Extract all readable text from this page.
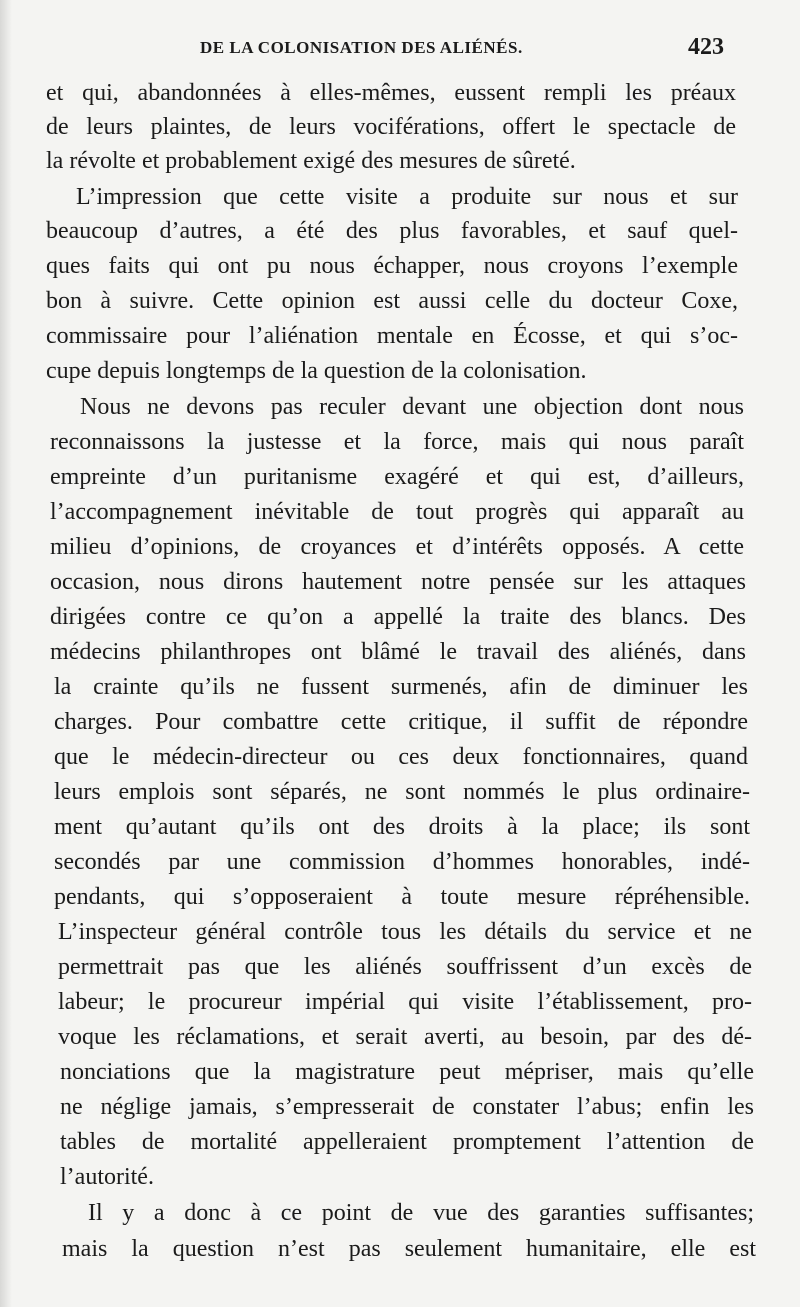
DE LA COLONISATION DES ALIÉNÉS.	423
et qui, abandonnées à elles-mêmes, eussent rempli les préaux
de leurs plaintes, de leurs vociférations, offert le spectacle de
la révolte et probablement exigé des mesures de sûreté.
L’impression que cette visite a produite sur nous et sur
beaucoup d’autres, a été des plus favorables, et sauf quel-
ques faits qui ont pu nous échapper, nous croyons l’exemple
bon à suivre. Cette opinion est aussi celle du docteur Coxe,
commissaire pour l’aliénation mentale en Écosse, et qui s’oc-
cupe depuis longtemps de la question de la colonisation.
Nous ne devons pas reculer devant une objection dont nous
reconnaissons la justesse et la force, mais qui nous paraît
empreinte d’un puritanisme exagéré et qui est, d’ailleurs,
l’accompagnement inévitable de tout progrès qui apparaît au
milieu d’opinions, de croyances et d’intérêts opposés. A cette
occasion, nous dirons hautement notre pensée sur les attaques
dirigées contre ce qu’on a appellé la traite des blancs. Des
médecins philanthropes ont blâmé le travail des aliénés, dans
la crainte qu’ils ne fussent surmenés, afin de diminuer les
charges. Pour combattre cette critique, il suffit de répondre
que le médecin-directeur ou ces deux fonctionnaires, quand
leurs emplois sont séparés, ne sont nommés le plus ordinaire-
ment qu’autant qu’ils ont des droits à la place; ils sont
secondés par une commission d’hommes honorables, indé-
pendants, qui s’opposeraient à toute mesure répréhensible.
L’inspecteur général contrôle tous les détails du service et ne
permettrait pas que les aliénés souffrissent d’un excès de
labeur; le procureur impérial qui visite l’établissement, pro-
voque les réclamations, et serait averti, au besoin, par des dé-
nonciations que la magistrature peut mépriser, mais qu’elle
ne néglige jamais, s’empresserait de constater l’abus; enfin les
tables de mortalité appelleraient promptement l’attention de
l’autorité.
Il y a donc à ce point de vue des garanties suffisantes;
mais la question n’est pas seulement humanitaire, elle est
